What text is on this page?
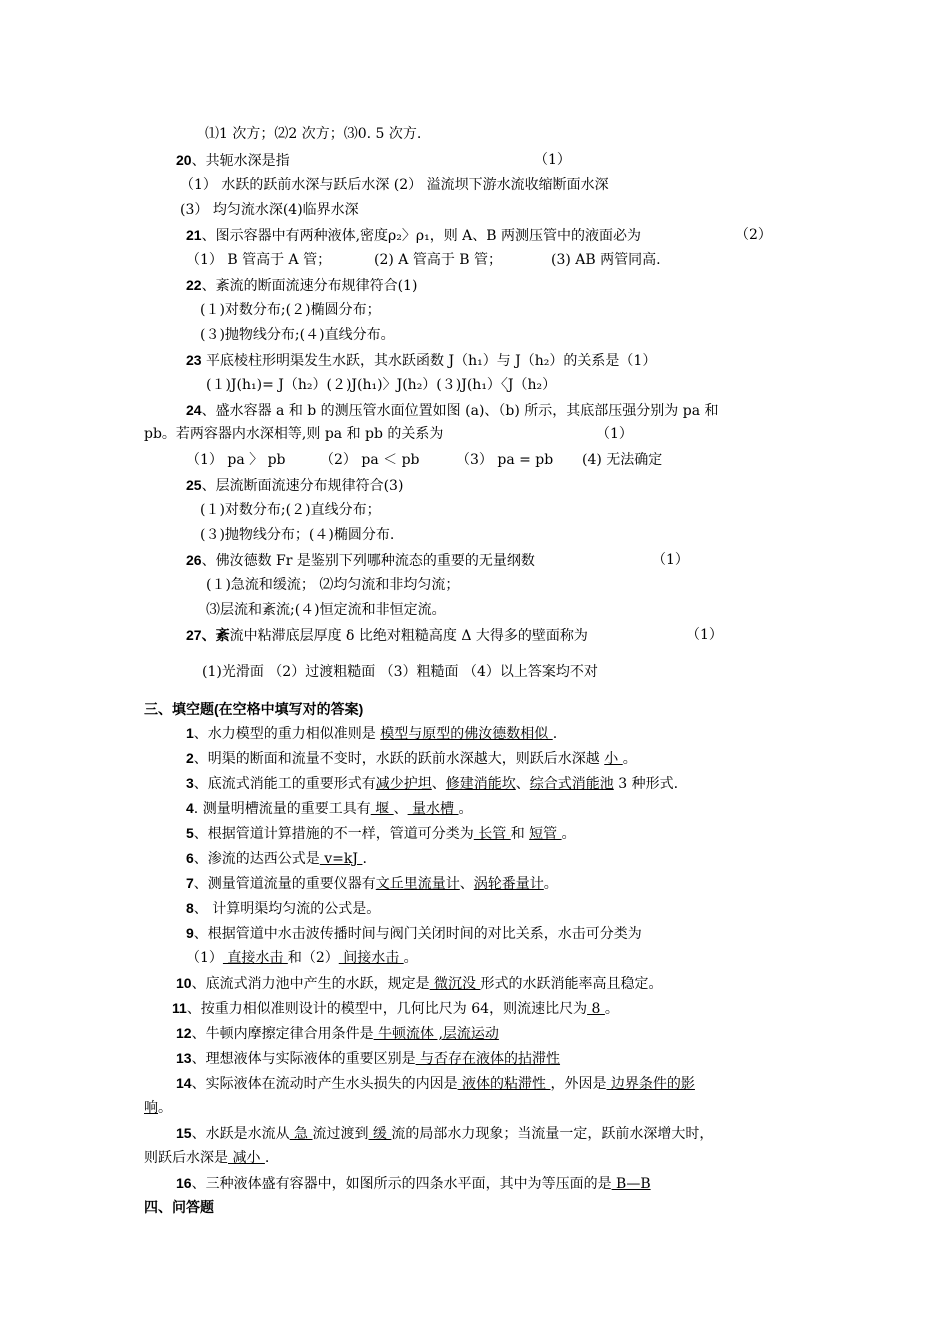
⑴1 次方；⑵2 次方；⑶0. 5 次方.
20、共轭水深是指	（1）
（1） 水跃的跃前水深与跃后水深 (2） 溢流坝下游水流收缩断面水深
(3） 均匀流水深(4)临界水深
21、图示容器中有两种液体,密度ρ₂〉ρ₁，则 A、B 两测压管中的液面必为	（2）
（1） B 管高于 A 管；	(2) A 管高于 B 管；	(3) AB 两管同高.
22、紊流的断面流速分布规律符合(1)
(１)对数分布;(２)椭圆分布；
(３)抛物线分布;(４)直线分布。
23 平底棱柱形明渠发生水跃，其水跃函数 J（h₁）与 J（h₂）的关系是（1）
(１)J(h₁)= J（h₂）(２)J(h₁)〉J(h₂）(３)J(h₁）〈J（h₂）
24、盛水容器 a 和 b 的测压管水面位置如图 (a)、（b) 所示，其底部压强分别为 pa 和
pb。若两容器内水深相等,则 pa 和 pb 的关系为	（1）
（1） pa 〉 pb （2） pa ＜ pb	（3） pa = pb (4) 无法确定
25、层流断面流速分布规律符合(3)
(１)对数分布;(２)直线分布；
(３)抛物线分布；(４)椭圆分布.
26、佛汝德数 Fr 是鉴别下列哪种流态的重要的无量纲数	（1）
(１)急流和缓流； ⑵均匀流和非均匀流；
⑶层流和紊流;(４)恒定流和非恒定流。
27、紊流中粘滞底层厚度 δ 比绝对粗糙高度 Δ 大得多的壁面称为	（1）
(1)光滑面 （2）过渡粗糙面 （3）粗糙面 （4）以上答案均不对
三、填空题(在空格中填写对的答案)
1、水力模型的重力相似准则是 模型与原型的佛汝德数相似 .
2、明渠的断面和流量不变时，水跃的跃前水深越大，则跃后水深越 小 。
3、底流式消能工的重要形式有减少护坦、修建消能坎、综合式消能池 3 种形式.
4. 测量明槽流量的重要工具有 堰 、 量水槽 。
5、根据管道计算措施的不一样，管道可分类为 长管 和 短管 。
6、渗流的达西公式是 v=kJ .
7、测量管道流量的重要仪器有文丘里流量计、涡轮番量计。
8、 计算明渠均匀流的公式是。
9、根据管道中水击波传播时间与阀门关闭时间的对比关系，水击可分类为
（1） 直接水击 和（2） 间接水击 。
10、底流式消力池中产生的水跃，规定是 微沉没 形式的水跃消能率高且稳定。
11、按重力相似准则设计的模型中，几何比尺为 64，则流速比尺为 8 。
12、牛顿内摩擦定律合用条件是 牛顿流体 ,层流运动
13、理想液体与实际液体的重要区别是 与否存在液体的拈滞性
14、实际液体在流动时产生水头损失的内因是 液体的粘滞性 ，外因是 边界条件的影
响。
15、水跃是水流从 急 流过渡到 缓 流的局部水力现象；当流量一定，跃前水深增大时，
则跃后水深是 减小 .
16、三种液体盛有容器中，如图所示的四条水平面，其中为等压面的是 B—B
四、问答题
